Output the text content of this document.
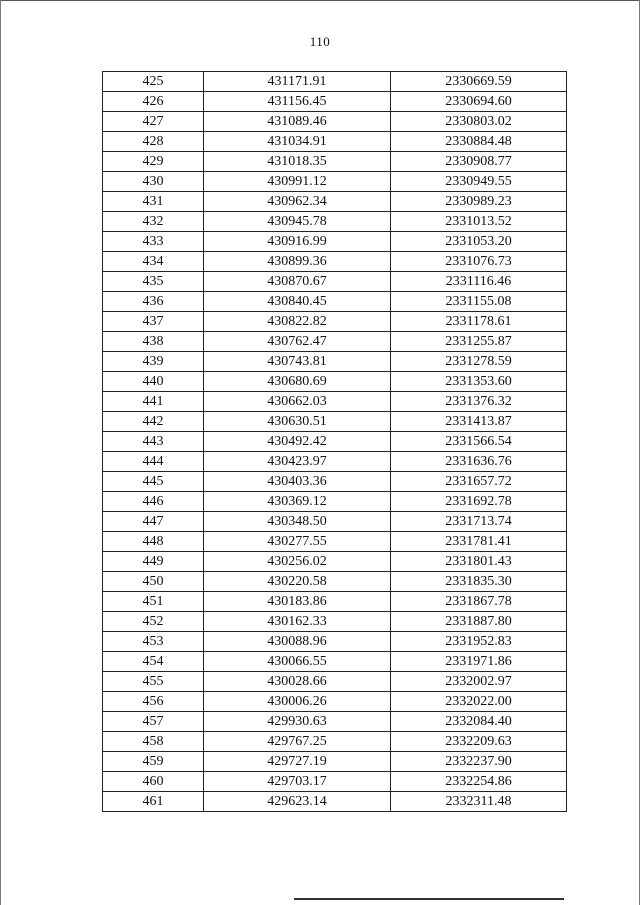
110
425	431171.91	2330669.59
426	431156.45	2330694.60
427	431089.46	2330803.02
428	431034.91	2330884.48
429	431018.35	2330908.77
430	430991.12	2330949.55
431	430962.34	2330989.23
432	430945.78	2331013.52
433	430916.99	2331053.20
434	430899.36	2331076.73
435	430870.67	2331116.46
436	430840.45	2331155.08
437	430822.82	2331178.61
438	430762.47	2331255.87
439	430743.81	2331278.59
440	430680.69	2331353.60
441	430662.03	2331376.32
442	430630.51	2331413.87
443	430492.42	2331566.54
444	430423.97	2331636.76
445	430403.36	2331657.72
446	430369.12	2331692.78
447	430348.50	2331713.74
448	430277.55	2331781.41
449	430256.02	2331801.43
450	430220.58	2331835.30
451	430183.86	2331867.78
452	430162.33	2331887.80
453	430088.96	2331952.83
454	430066.55	2331971.86
455	430028.66	2332002.97
456	430006.26	2332022.00
457	429930.63	2332084.40
458	429767.25	2332209.63
459	429727.19	2332237.90
460	429703.17	2332254.86
461	429623.14	2332311.48
